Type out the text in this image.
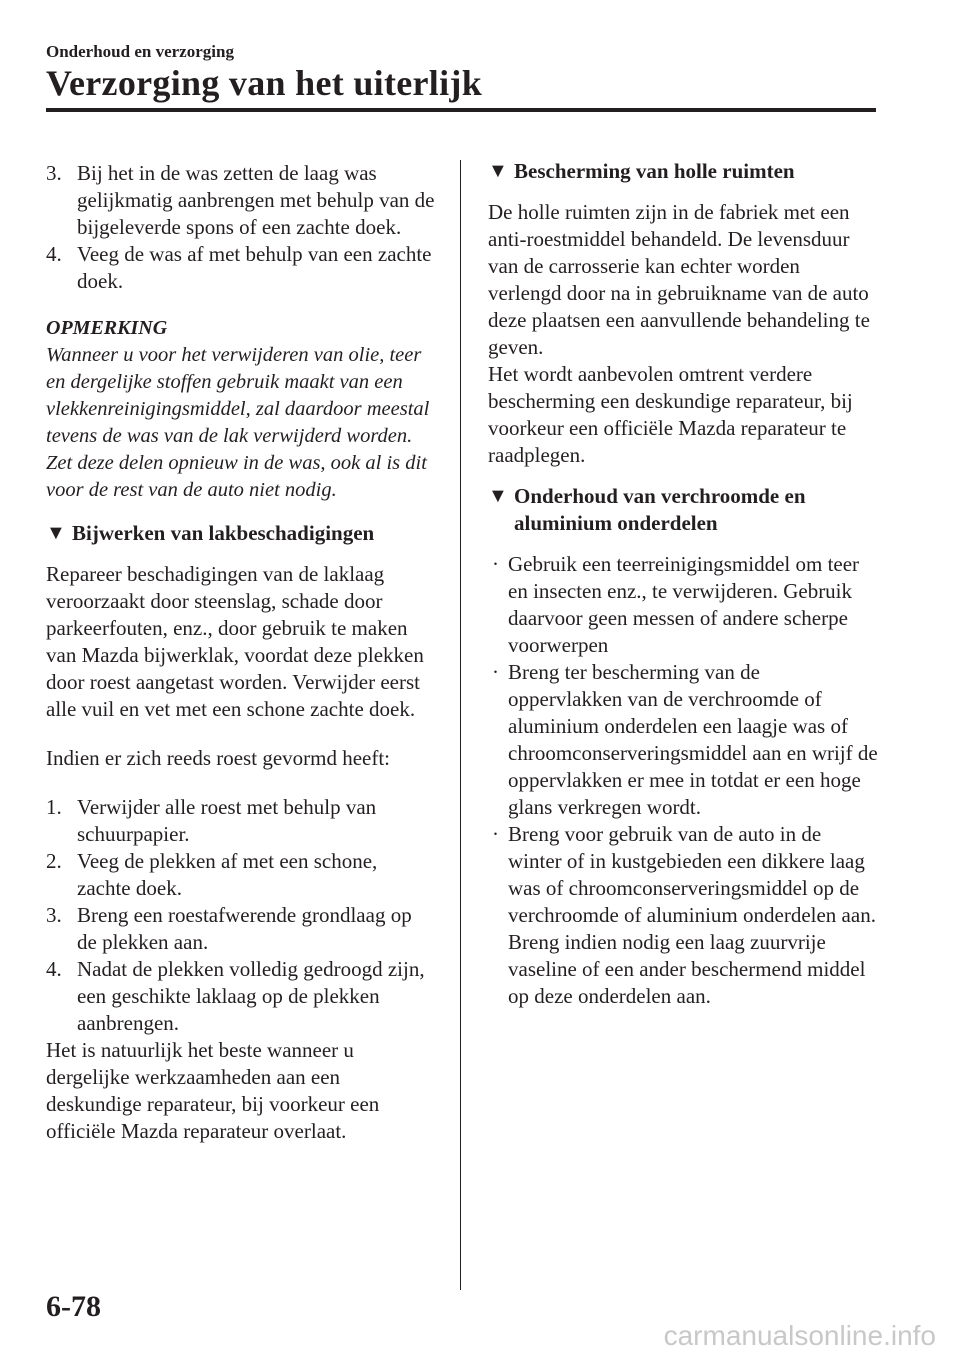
Onderhoud en verzorging
Verzorging van het uiterlijk
3. Bij het in de was zetten de laag was gelijkmatig aanbrengen met behulp van de bijgeleverde spons of een zachte doek.
4. Veeg de was af met behulp van een zachte doek.

OPMERKING

Wanneer u voor het verwijderen van olie, teer en dergelijke stoffen gebruik maakt van een vlekkenreinigingsmiddel, zal daardoor meestal tevens de was van de lak verwijderd worden. Zet deze delen opnieuw in de was, ook al is dit voor de rest van de auto niet nodig.

▼ Bijwerken van lakbeschadigingen

Repareer beschadigingen van de laklaag veroorzaakt door steenslag, schade door parkeerfouten, enz., door gebruik te maken van Mazda bijwerklak, voordat deze plekken door roest aangetast worden. Verwijder eerst alle vuil en vet met een schone zachte doek.

Indien er zich reeds roest gevormd heeft:

1. Verwijder alle roest met behulp van schuurpapier.
2. Veeg de plekken af met een schone, zachte doek.
3. Breng een roestafwerende grondlaag op de plekken aan.
4. Nadat de plekken volledig gedroogd zijn, een geschikte laklaag op de plekken aanbrengen.

Het is natuurlijk het beste wanneer u dergelijke werkzaamheden aan een deskundige reparateur, bij voorkeur een officiële Mazda reparateur overlaat.

▼ Bescherming van holle ruimten

De holle ruimten zijn in de fabriek met een anti-roestmiddel behandeld. De levensduur van de carrosserie kan echter worden verlengd door na in gebruikname van de auto deze plaatsen een aanvullende behandeling te geven.

Het wordt aanbevolen omtrent verdere bescherming een deskundige reparateur, bij voorkeur een officiële Mazda reparateur te raadplegen.

▼ Onderhoud van verchroomde en aluminium onderdelen
· Gebruik een teerreinigingsmiddel om teer en insecten enz., te verwijderen. Gebruik daarvoor geen messen of andere scherpe voorwerpen
· Breng ter bescherming van de oppervlakken van de verchroomde of aluminium onderdelen een laagje was of chroomconserveringsmiddel aan en wrijf de oppervlakken er mee in totdat er een hoge glans verkregen wordt.
· Breng voor gebruik van de auto in de winter of in kustgebieden een dikkere laag was of chroomconserveringsmiddel op de verchroomde of aluminium onderdelen aan. Breng indien nodig een laag zuurvrije vaseline of een ander beschermend middel op deze onderdelen aan.
6-78
carmanualsonline.info
